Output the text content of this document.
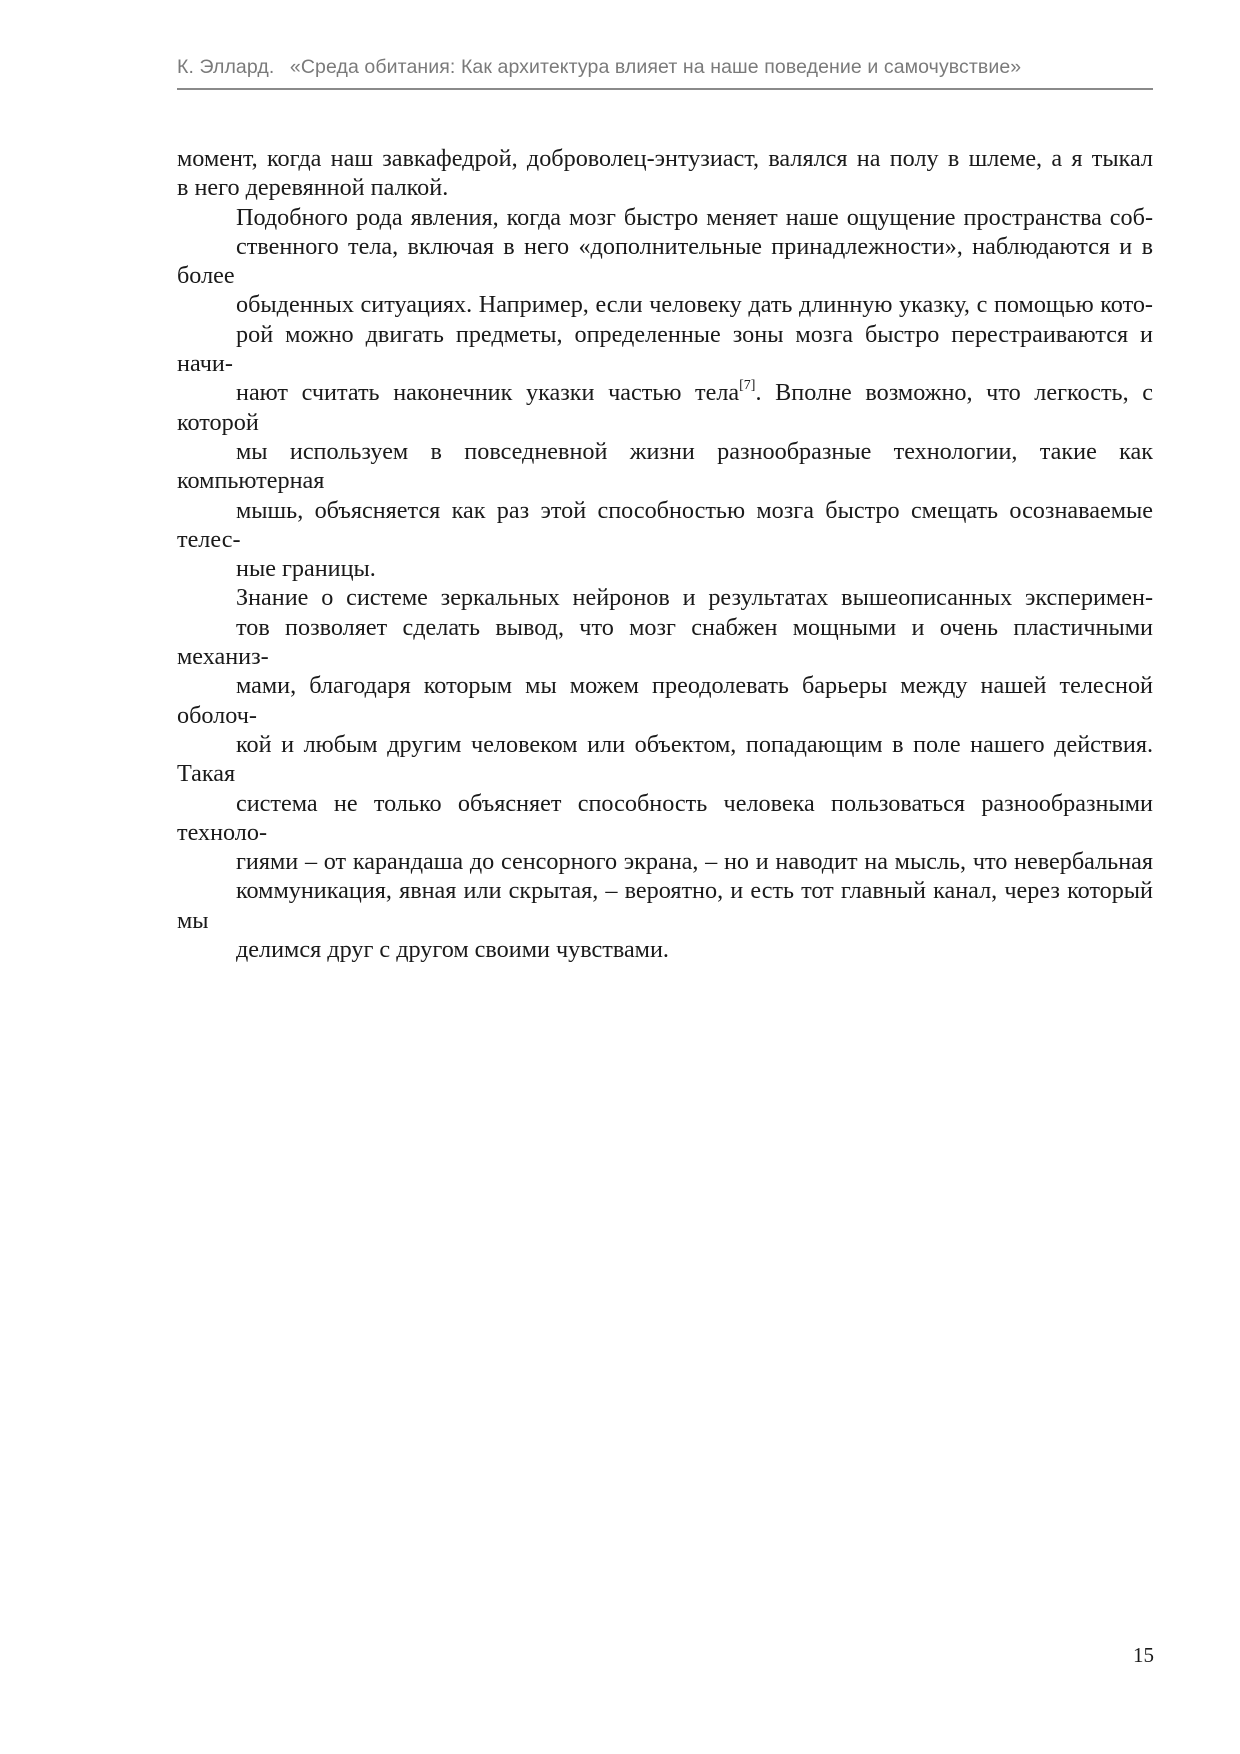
К. Эллард. «Среда обитания: Как архитектура влияет на наше поведение и самочувствие»

момент, когда наш завкафедрой, доброволец-энтузиаст, валялся на полу в шлеме, а я тыкал
в него деревянной палкой.

Подобного рода явления, когда мозг быстро меняет наше ощущение пространства соб-
ственного тела, включая в него «дополнительные принадлежности», наблюдаются и в более
обыденных ситуациях. Например, если человеку дать длинную указку, с помощью кото-
рой можно двигать предметы, определенные зоны мозга быстро перестраиваются и начи-
нают считать наконечник указки частью тела[7]. Вполне возможно, что легкость, с которой
мы используем в повседневной жизни разнообразные технологии, такие как компьютерная
мышь, объясняется как раз этой способностью мозга быстро смещать осознаваемые телес-
ные границы.

Знание о системе зеркальных нейронов и результатах вышеописанных эксперимен-
тов позволяет сделать вывод, что мозг снабжен мощными и очень пластичными механиз-
мами, благодаря которым мы можем преодолевать барьеры между нашей телесной оболоч-
кой и любым другим человеком или объектом, попадающим в поле нашего действия. Такая
система не только объясняет способность человека пользоваться разнообразными техноло-
гиями – от карандаша до сенсорного экрана, – но и наводит на мысль, что невербальная
коммуникация, явная или скрытая, – вероятно, и есть тот главный канал, через который мы
делимся друг с другом своими чувствами.

15
